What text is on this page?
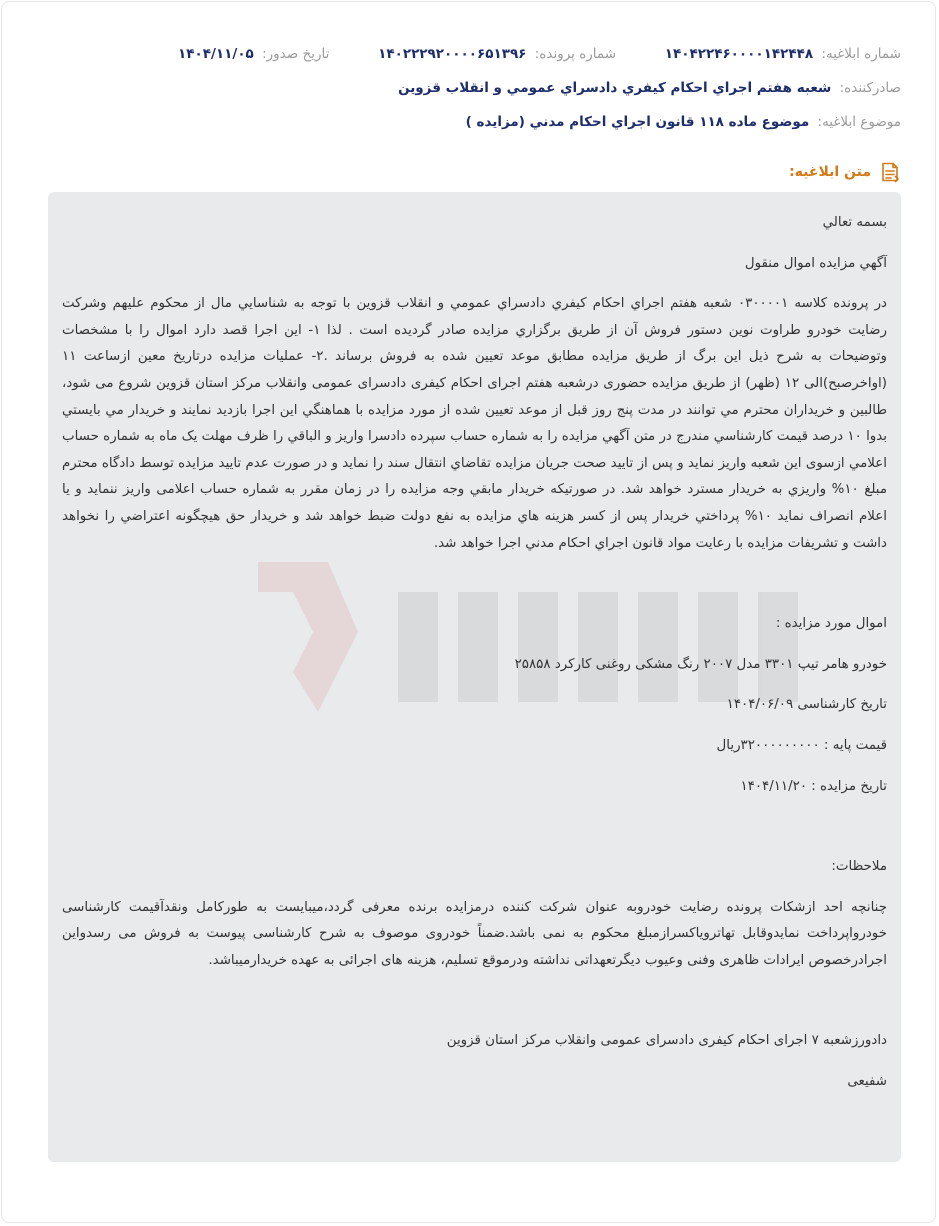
شماره ابلاغیه: ۱۴۰۴۲۲۴۶۰۰۰۰۱۴۲۴۴۸
شماره پرونده: ۱۴۰۲۲۲۹۲۰۰۰۰۶۵۱۳۹۶
تاریخ صدور: ۱۴۰۴/۱۱/۰۵
صادرکننده: شعبه هفتم اجراي احكام كيفري دادسراي عمومي و انقلاب قزوين
موضوع ابلاغیه: موضوع ماده ١١٨ قانون اجراي احكام مدني (مزايده )
متن ابلاغیه:

بسمه تعالي

آگهي مزايده اموال منقول

در پرونده کلاسه ٠٣٠٠٠٠١ شعبه هفتم اجراي احكام كيفري دادسراي عمومي و انقلاب قزوين با توجه به شناسايي مال از محكوم عليهم وشرکت رضايت خودرو طراوت نوين دستور فروش آن از طريق برگزاري مزايده صادر گرديده است . لذا ١- اين اجرا قصد دارد اموال را با مشخصات وتوضيحات به شرح ذيل اين برگ از طريق مزايده مطابق موعد تعيين شده به فروش برساند .٢- عمليات مزايده درتاريخ معين ازساعت ١١ (اواخرصبح)الی ١٢ (ظهر) از طريق مزايده حضوری درشعبه هفتم اجرای احکام کیفری دادسرای عمومی وانقلاب مرکز استان قزوین شروع می شود، طالبين و خريداران محترم مي توانند در مدت پنج روز قبل از موعد تعيين شده از مورد مزايده با هماهنگي اين اجرا بازديد نمايند و خريدار مي بايستي بدوا ١٠ درصد قيمت كارشناسي مندرج در متن آگهي مزايده را به شماره حساب سپرده دادسرا واريز و الباقي را ظرف مهلت یک ماه به شماره حساب اعلامي ازسوی اين شعبه واريز نمايد و پس از تاييد صحت جريان مزايده تقاضاي انتقال سند را نمايد و در صورت عدم تاييد مزايده توسط دادگاه محترم مبلغ ١٠% واريزي به خريدار مسترد خواهد شد. در صورتيكه خريدار مابقي وجه مزايده را در زمان مقرر به شماره حساب اعلامی واريز ننمايد و يا اعلام انصراف نمايد ١٠% پرداختي خريدار پس از كسر هزينه هاي مزايده به نفع دولت ضبط خواهد شد و خريدار حق هيچگونه اعتراضي را نخواهد داشت و تشريفات مزايده با رعايت مواد قانون اجراي احكام مدني اجرا خواهد شد.

اموال مورد مزايده :

خودرو هامر تیپ ۳۳۰۱ مدل ۲۰۰۷ رنگ مشکی روغنی کارکرد ۲۵۸۵۸

تاریخ کارشناسی ۱۴۰۴/۰۶/۰۹

قیمت پایه : ۳۲۰۰۰۰۰۰۰۰۰ریال

تاریخ مزایده : ۱۴۰۴/۱۱/۲۰

ملاحظات:

چنانچه احد ازشکات پرونده رضایت خودروبه عنوان شرکت کننده درمزایده برنده معرفی گردد،میبایست به طورکامل ونقدآقیمت کارشناسی خودرواپرداخت نمایدوقابل تهاترویاکسرازمبلغ محکوم به نمی باشد.ضمناً خودروی موصوف به شرح کارشناسی پیوست به فروش می رسدواین اجرادرخصوص ایرادات ظاهری وفنی وعیوب دیگرتعهداتی نداشته ودرموقع تسلیم، هزینه های اجرائی به عهده خریدارمیباشد.

دادورزشعبه ۷ اجرای احکام کیفری دادسرای عمومی وانقلاب مرکز استان قزوین

شفیعی
